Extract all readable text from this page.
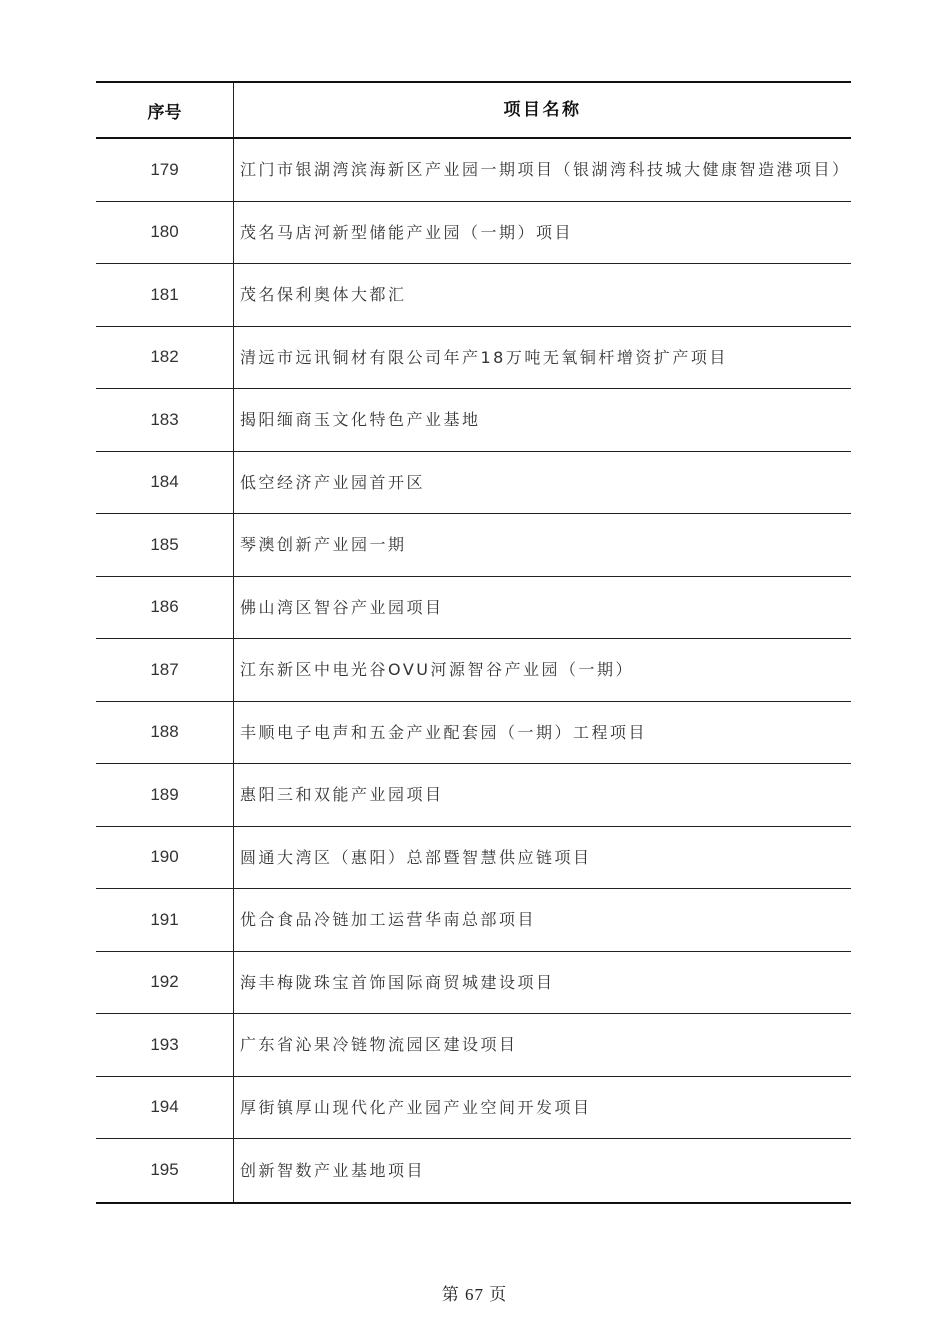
序号	项目名称
179	江门市银湖湾滨海新区产业园一期项目（银湖湾科技城大健康智造港项目）
180	茂名马店河新型储能产业园（一期）项目
181	茂名保利奥体大都汇
182	清远市远讯铜材有限公司年产18万吨无氧铜杆增资扩产项目
183	揭阳缅商玉文化特色产业基地
184	低空经济产业园首开区
185	琴澳创新产业园一期
186	佛山湾区智谷产业园项目
187	江东新区中电光谷OVU河源智谷产业园（一期）
188	丰顺电子电声和五金产业配套园（一期）工程项目
189	惠阳三和双能产业园项目
190	圆通大湾区（惠阳）总部暨智慧供应链项目
191	优合食品冷链加工运营华南总部项目
192	海丰梅陇珠宝首饰国际商贸城建设项目
193	广东省沁果冷链物流园区建设项目
194	厚街镇厚山现代化产业园产业空间开发项目
195	创新智数产业基地项目
第 67 页
